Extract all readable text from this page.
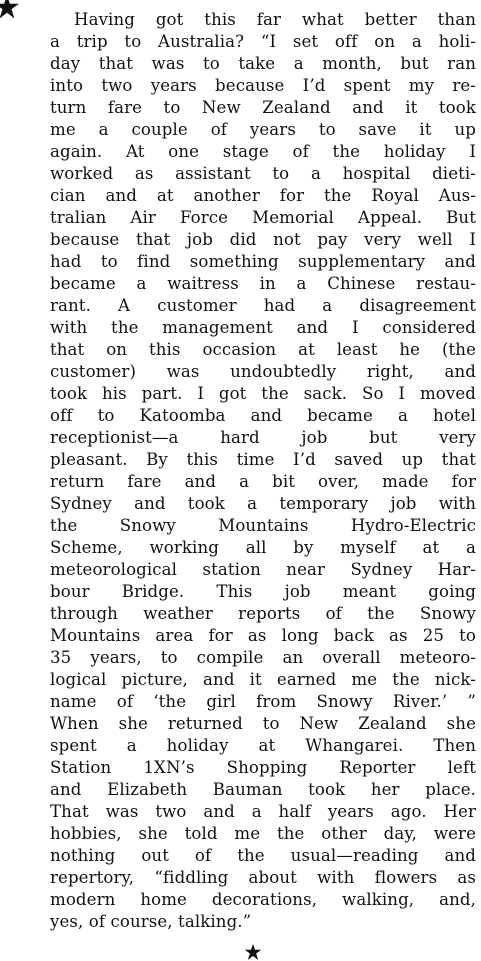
Having got this far what better than
a trip to Australia? “I set off on a holi-
day that was to take a month, but ran
into two years because I’d spent my re-
turn fare to New Zealand and it took
me a couple of years to save it up
again. At one stage of the holiday I
worked as assistant to a hospital dieti-
cian and at another for the Royal Aus-
tralian Air Force Memorial Appeal. But
because that job did not pay very well I
had to find something supplementary and
became a waitress in a Chinese restau-
rant. A customer had a disagreement
with the management and I considered
that on this occasion at least he (the
customer) was undoubtedly right, and
took his part. I got the sack. So I moved
off to Katoomba and became a hotel
receptionist—a hard job but very
pleasant. By this time I’d saved up that
return fare and a bit over, made for
Sydney and took a temporary job with
the Snowy Mountains Hydro-Electric
Scheme, working all by myself at a
meteorological station near Sydney Har-
bour Bridge. This job meant going
through weather reports of the Snowy
Mountains area for as long back as 25 to
35 years, to compile an overall meteoro-
logical picture, and it earned me the nick-
name of ‘the girl from Snowy River.’ ”
When she returned to New Zealand she
spent a holiday at Whangarei. Then
Station 1XN’s Shopping Reporter left
and Elizabeth Bauman took her place.
That was two and a half years ago. Her
hobbies, she told me the other day, were
nothing out of the usual—reading and
repertory, “fiddling about with flowers as
modern home decorations, walking, and,
yes, of course, talking.”
